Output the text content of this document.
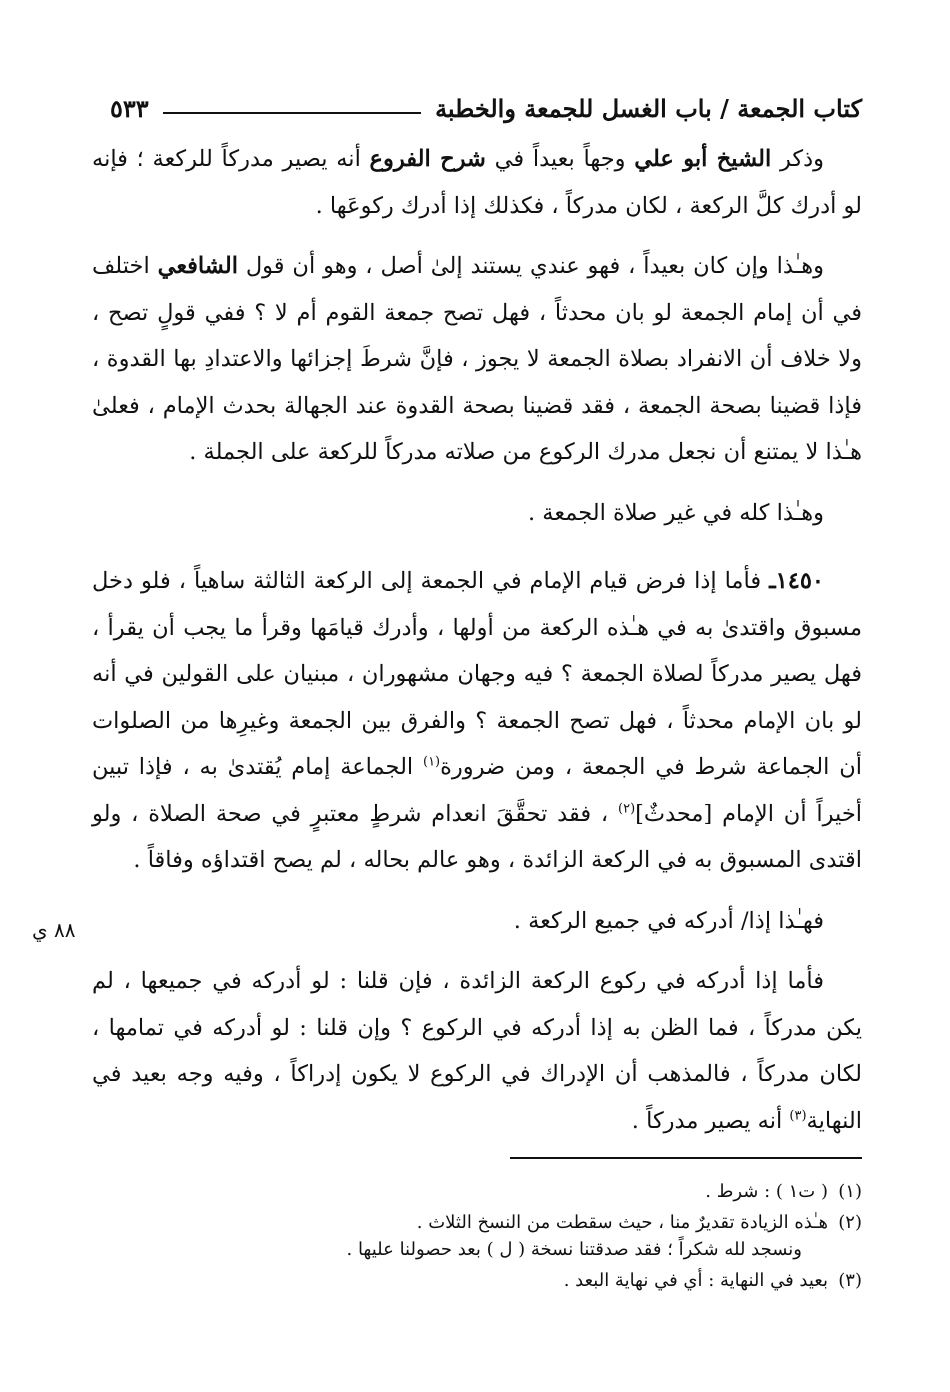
كتاب الجمعة / باب الغسل للجمعة والخطبة
٥٣٣

وذكر الشيخ أبو علي وجهاً بعيداً في شرح الفروع أنه يصير مدركاً للركعة ؛ فإنه لو أدرك كلَّ الركعة ، لكان مدركاً ، فكذلك إذا أدرك ركوعَها .

وهـٰذا وإن كان بعيداً ، فهو عندي يستند إلىٰ أصل ، وهو أن قول الشافعي اختلف في أن إمام الجمعة لو بان محدثاً ، فهل تصح جمعة القوم أم لا ؟ ففي قولٍ تصح ، ولا خلاف أن الانفراد بصلاة الجمعة لا يجوز ، فإنَّ شرطَ إجزائها والاعتدادِ بها القدوة ، فإذا قضينا بصحة الجمعة ، فقد قضينا بصحة القدوة عند الجهالة بحدث الإمام ، فعلىٰ هـٰذا لا يمتنع أن نجعل مدرك الركوع من صلاته مدركاً للركعة على الجملة .

وهـٰذا كله في غير صلاة الجمعة .

١٤٥٠ـ فأما إذا فرض قيام الإمام في الجمعة إلى الركعة الثالثة ساهياً ، فلو دخل مسبوق واقتدىٰ به في هـٰذه الركعة من أولها ، وأدرك قيامَها وقرأ ما يجب أن يقرأ ، فهل يصير مدركاً لصلاة الجمعة ؟ فيه وجهان مشهوران ، مبنيان على القولين في أنه لو بان الإمام محدثاً ، فهل تصح الجمعة ؟ والفرق بين الجمعة وغيرِها من الصلوات أن الجماعة شرط في الجمعة ، ومن ضرورة$^{(١)}$ الجماعة إمام يُقتدىٰ به ، فإذا تبين أخيراً أن الإمام [محدثٌ]$^{(٢)}$ ، فقد تحقَّقَ انعدام شرطٍ معتبرٍ في صحة الصلاة ، ولو اقتدى المسبوق به في الركعة الزائدة ، وهو عالم بحاله ، لم يصح اقتداؤه وفاقاً .

فهـٰذا إذا/ أدركه في جميع الركعة .

فأما إذا أدركه في ركوع الركعة الزائدة ، فإن قلنا : لو أدركه في جميعها ، لم يكن مدركاً ، فما الظن به إذا أدركه في الركوع ؟ وإن قلنا : لو أدركه في تمامها ، لكان مدركاً ، فالمذهب أن الإدراك في الركوع لا يكون إدراكاً ، وفيه وجه بعيد في النهاية$^{(٣)}$ أنه يصير مدركاً .

٨٨ ي
(١)
( ت١ ) : شرط .
(٢)
هـٰذه الزيادة تقديرٌ منا ، حيث سقطت من النسخ الثلاث .
ونسجد لله شكراً ؛ فقد صدقتنا نسخة ( ل ) بعد حصولنا عليها .
(٣)
بعيد في النهاية : أي في نهاية البعد .
